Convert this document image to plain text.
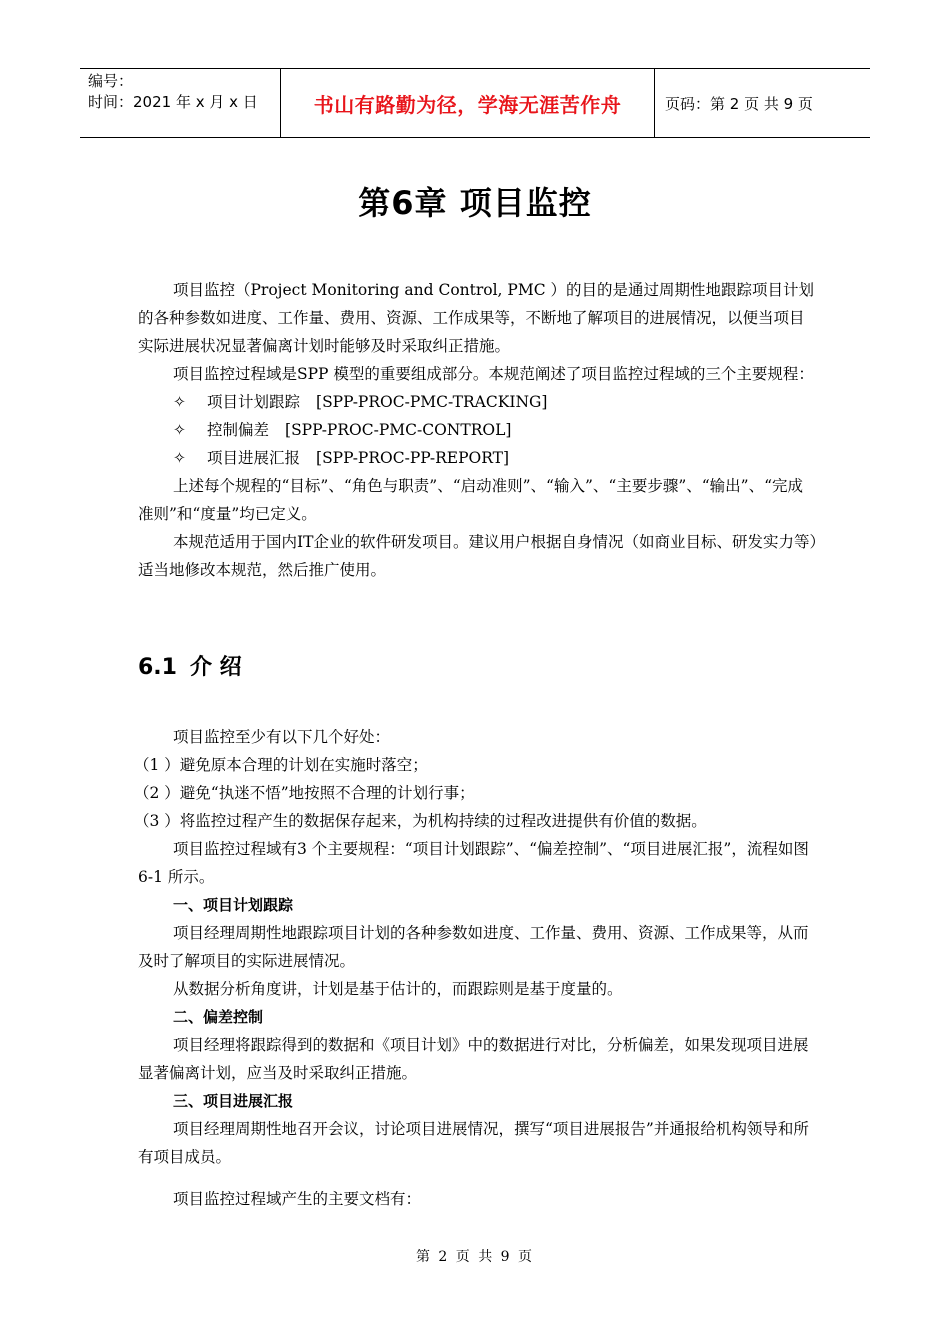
编号：
时间：2021 年 x 月 x 日	书山有路勤为径，学海无涯苦作舟	页码：第 2 页 共 9 页
第6章 项目监控

项目监控（Project Monitoring and Control, PMC ）的目的是通过周期性地跟踪项目计划的各种参数如进度、工作量、费用、资源、工作成果等，不断地了解项目的进展情况，以便当项目实际进展状况显著偏离计划时能够及时采取纠正措施。

项目监控过程域是SPP 模型的重要组成部分。本规范阐述了项目监控过程域的三个主要规程：

✧ 项目计划跟踪 [SPP-PROC-PMC-TRACKING]
✧ 控制偏差 [SPP-PROC-PMC-CONTROL]
✧ 项目进展汇报 [SPP-PROC-PP-REPORT]

上述每个规程的“目标”、“角色与职责”、“启动准则”、“输入”、“主要步骤”、“输出”、“完成准则”和“度量”均已定义。

本规范适用于国内IT企业的软件研发项目。建议用户根据自身情况（如商业目标、研发实力等）适当地修改本规范，然后推广使用。

6.1 介 绍

项目监控至少有以下几个好处：

（1 ）避免原本合理的计划在实施时落空；

（2 ）避免“执迷不悟”地按照不合理的计划行事；

（3 ）将监控过程产生的数据保存起来，为机构持续的过程改进提供有价值的数据。

项目监控过程域有3 个主要规程：“项目计划跟踪”、“偏差控制”、“项目进展汇报”，流程如图6-1 所示。

一、项目计划跟踪

项目经理周期性地跟踪项目计划的各种参数如进度、工作量、费用、资源、工作成果等，从而及时了解项目的实际进展情况。

从数据分析角度讲，计划是基于估计的，而跟踪则是基于度量的。

二、偏差控制

项目经理将跟踪得到的数据和《项目计划》中的数据进行对比，分析偏差，如果发现项目进展显著偏离计划，应当及时采取纠正措施。

三、项目进展汇报

项目经理周期性地召开会议，讨论项目进展情况，撰写“项目进展报告”并通报给机构领导和所有项目成员。

项目监控过程域产生的主要文档有：

第 2 页 共 9 页
